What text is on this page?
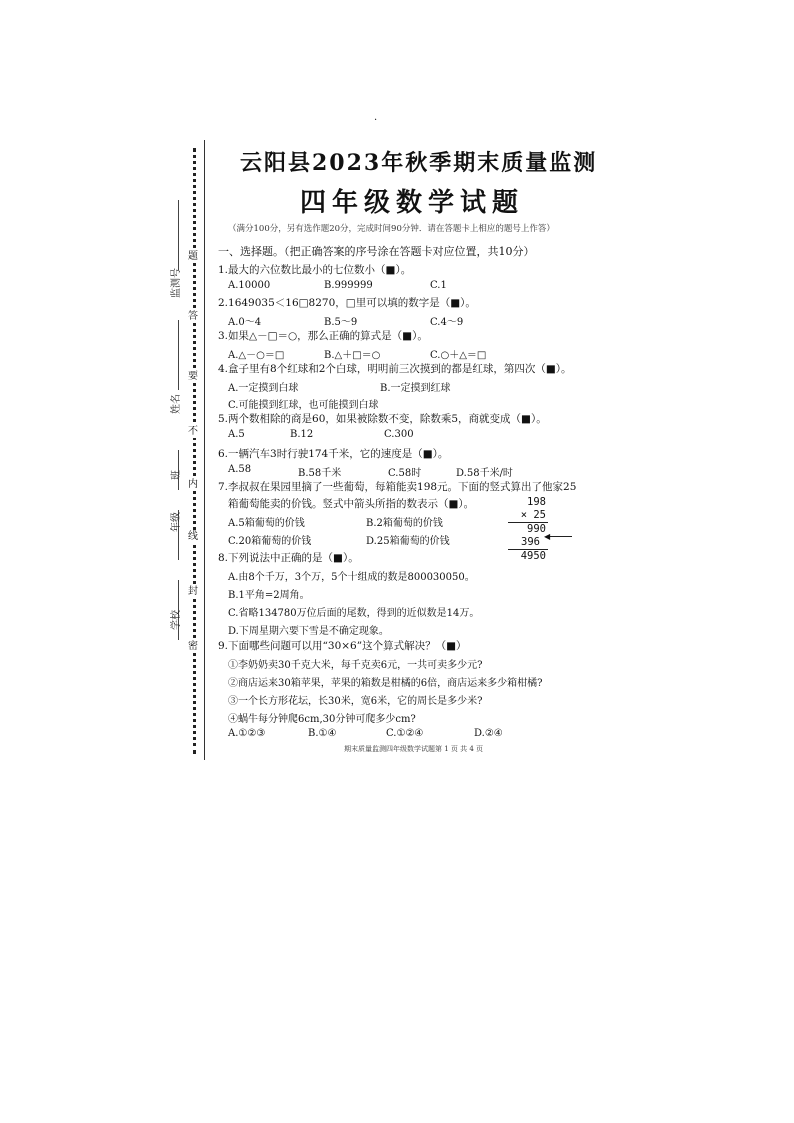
.
监测号
姓名
班
年级
学校
题
答
要
不
内
线
封
密
云阳县2023年秋季期末质量监测
四年级数学试题
（满分100分，另有选作题20分，完成时间90分钟．请在答题卡上相应的题号上作答）
一、选择题。（把正确答案的序号涂在答题卡对应位置，共10分）
1.最大的六位数比最小的七位数小（■）。
A.10000	B.999999	C.1
2.1649035＜16□8270，□里可以填的数字是（■）。
A.0～4	B.5～9	C.4～9
3.如果△－□＝○，那么正确的算式是（■）。
A.△－○＝□	B.△＋□＝○	C.○＋△＝□
4.盒子里有8个红球和2个白球，明明前三次摸到的都是红球，第四次（■）。
A.一定摸到白球	B.一定摸到红球
C.可能摸到红球，也可能摸到白球
5.两个数相除的商是60，如果被除数不变，除数乘5，商就变成（■）。
A.5	B.12	C.300
6.一辆汽车3时行驶174千米，它的速度是（■）。
A.58	B.58千米	C.58时	D.58千米/时
7.李叔叔在果园里摘了一些葡萄，每箱能卖198元。下面的竖式算出了他家25
箱葡萄能卖的价钱。竖式中箭头所指的数表示（■）。
A.5箱葡萄的价钱	B.2箱葡萄的价钱
C.20箱葡萄的价钱	D.25箱葡萄的价钱
198
× 25
990
396
4950
◀
8.下列说法中正确的是（■）。
A.由8个千万，3个万，5个十组成的数是800030050。
B.1平角=2周角。
C.省略134780万位后面的尾数，得到的近似数是14万。
D.下周星期六要下雪是不确定现象。
9.下面哪些问题可以用“30×6”这个算式解决？（■）
①李奶奶卖30千克大米，每千克卖6元，一共可卖多少元?
②商店运来30箱苹果，苹果的箱数是柑橘的6倍，商店运来多少箱柑橘?
③一个长方形花坛，长30米，宽6米，它的周长是多少米?
④蜗牛每分钟爬6cm,30分钟可爬多少cm?
A.①②③	B.①④	C.①②④	D.②④
期末质量监测四年级数学试题第 1 页 共 4 页
